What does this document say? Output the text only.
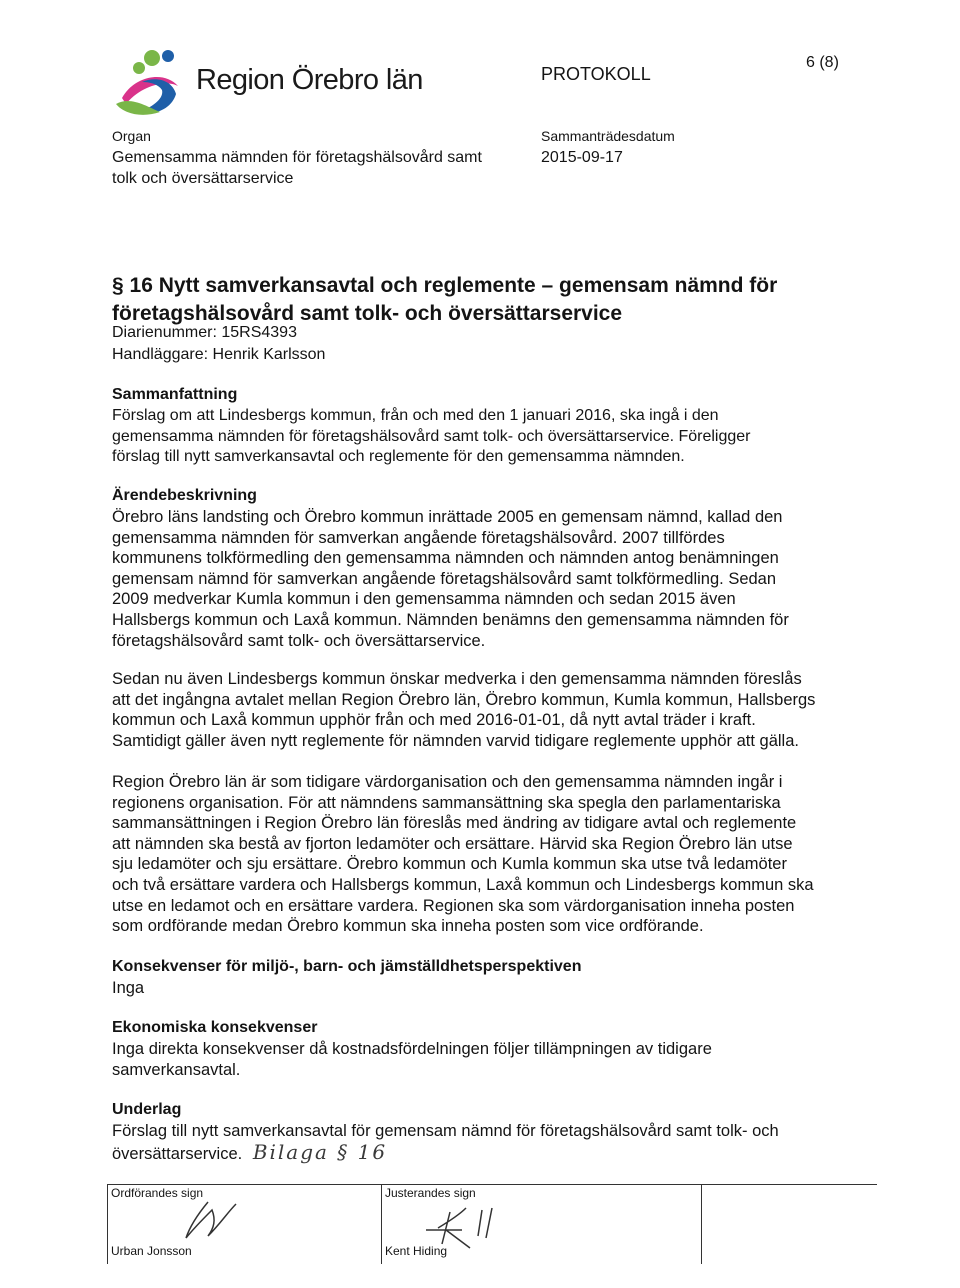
Region Örebro län	PROTOKOLL
6 (8)
Organ
Gemensamma nämnden för företagshälsovård samt
tolk och översättarservice
Sammanträdesdatum
2015-09-17
§ 16 Nytt samverkansavtal och reglemente – gemensam nämnd för
företagshälsovård samt tolk- och översättarservice
Diarienummer: 15RS4393
Handläggare: Henrik Karlsson
Sammanfattning
Förslag om att Lindesbergs kommun, från och med den 1 januari 2016, ska ingå i den
gemensamma nämnden för företagshälsovård samt tolk- och översättarservice. Föreligger
förslag till nytt samverkansavtal och reglemente för den gemensamma nämnden.
Ärendebeskrivning
Örebro läns landsting och Örebro kommun inrättade 2005 en gemensam nämnd, kallad den
gemensamma nämnden för samverkan angående företagshälsovård. 2007 tillfördes
kommunens tolkförmedling den gemensamma nämnden och nämnden antog benämningen
gemensam nämnd för samverkan angående företagshälsovård samt tolkförmedling. Sedan
2009 medverkar Kumla kommun i den gemensamma nämnden och sedan 2015 även
Hallsbergs kommun och Laxå kommun. Nämnden benämns den gemensamma nämnden för
företagshälsovård samt tolk- och översättarservice.
Sedan nu även Lindesbergs kommun önskar medverka i den gemensamma nämnden föreslås
att det ingångna avtalet mellan Region Örebro län, Örebro kommun, Kumla kommun, Hallsbergs
kommun och Laxå kommun upphör från och med 2016-01-01, då nytt avtal träder i kraft.
Samtidigt gäller även nytt reglemente för nämnden varvid tidigare reglemente upphör att gälla.
Region Örebro län är som tidigare värdorganisation och den gemensamma nämnden ingår i
regionens organisation. För att nämndens sammansättning ska spegla den parlamentariska
sammansättningen i Region Örebro län föreslås med ändring av tidigare avtal och reglemente
att nämnden ska bestå av fjorton ledamöter och ersättare. Härvid ska Region Örebro län utse
sju ledamöter och sju ersättare. Örebro kommun och Kumla kommun ska utse två ledamöter
och två ersättare vardera och Hallsbergs kommun, Laxå kommun och Lindesbergs kommun ska
utse en ledamot och en ersättare vardera. Regionen ska som värdorganisation inneha posten
som ordförande medan Örebro kommun ska inneha posten som vice ordförande.
Konsekvenser för miljö-, barn- och jämställdhetsperspektiven
Inga
Ekonomiska konsekvenser
Inga direkta konsekvenser då kostnadsfördelningen följer tillämpningen av tidigare
samverkansavtal.
Underlag
Förslag till nytt samverkansavtal för gemensam nämnd för företagshälsovård samt tolk- och
översättarservice. Bilaga § 16
Ordförandes sign
Urban Jonsson
Justerandes sign
Kent Hiding
